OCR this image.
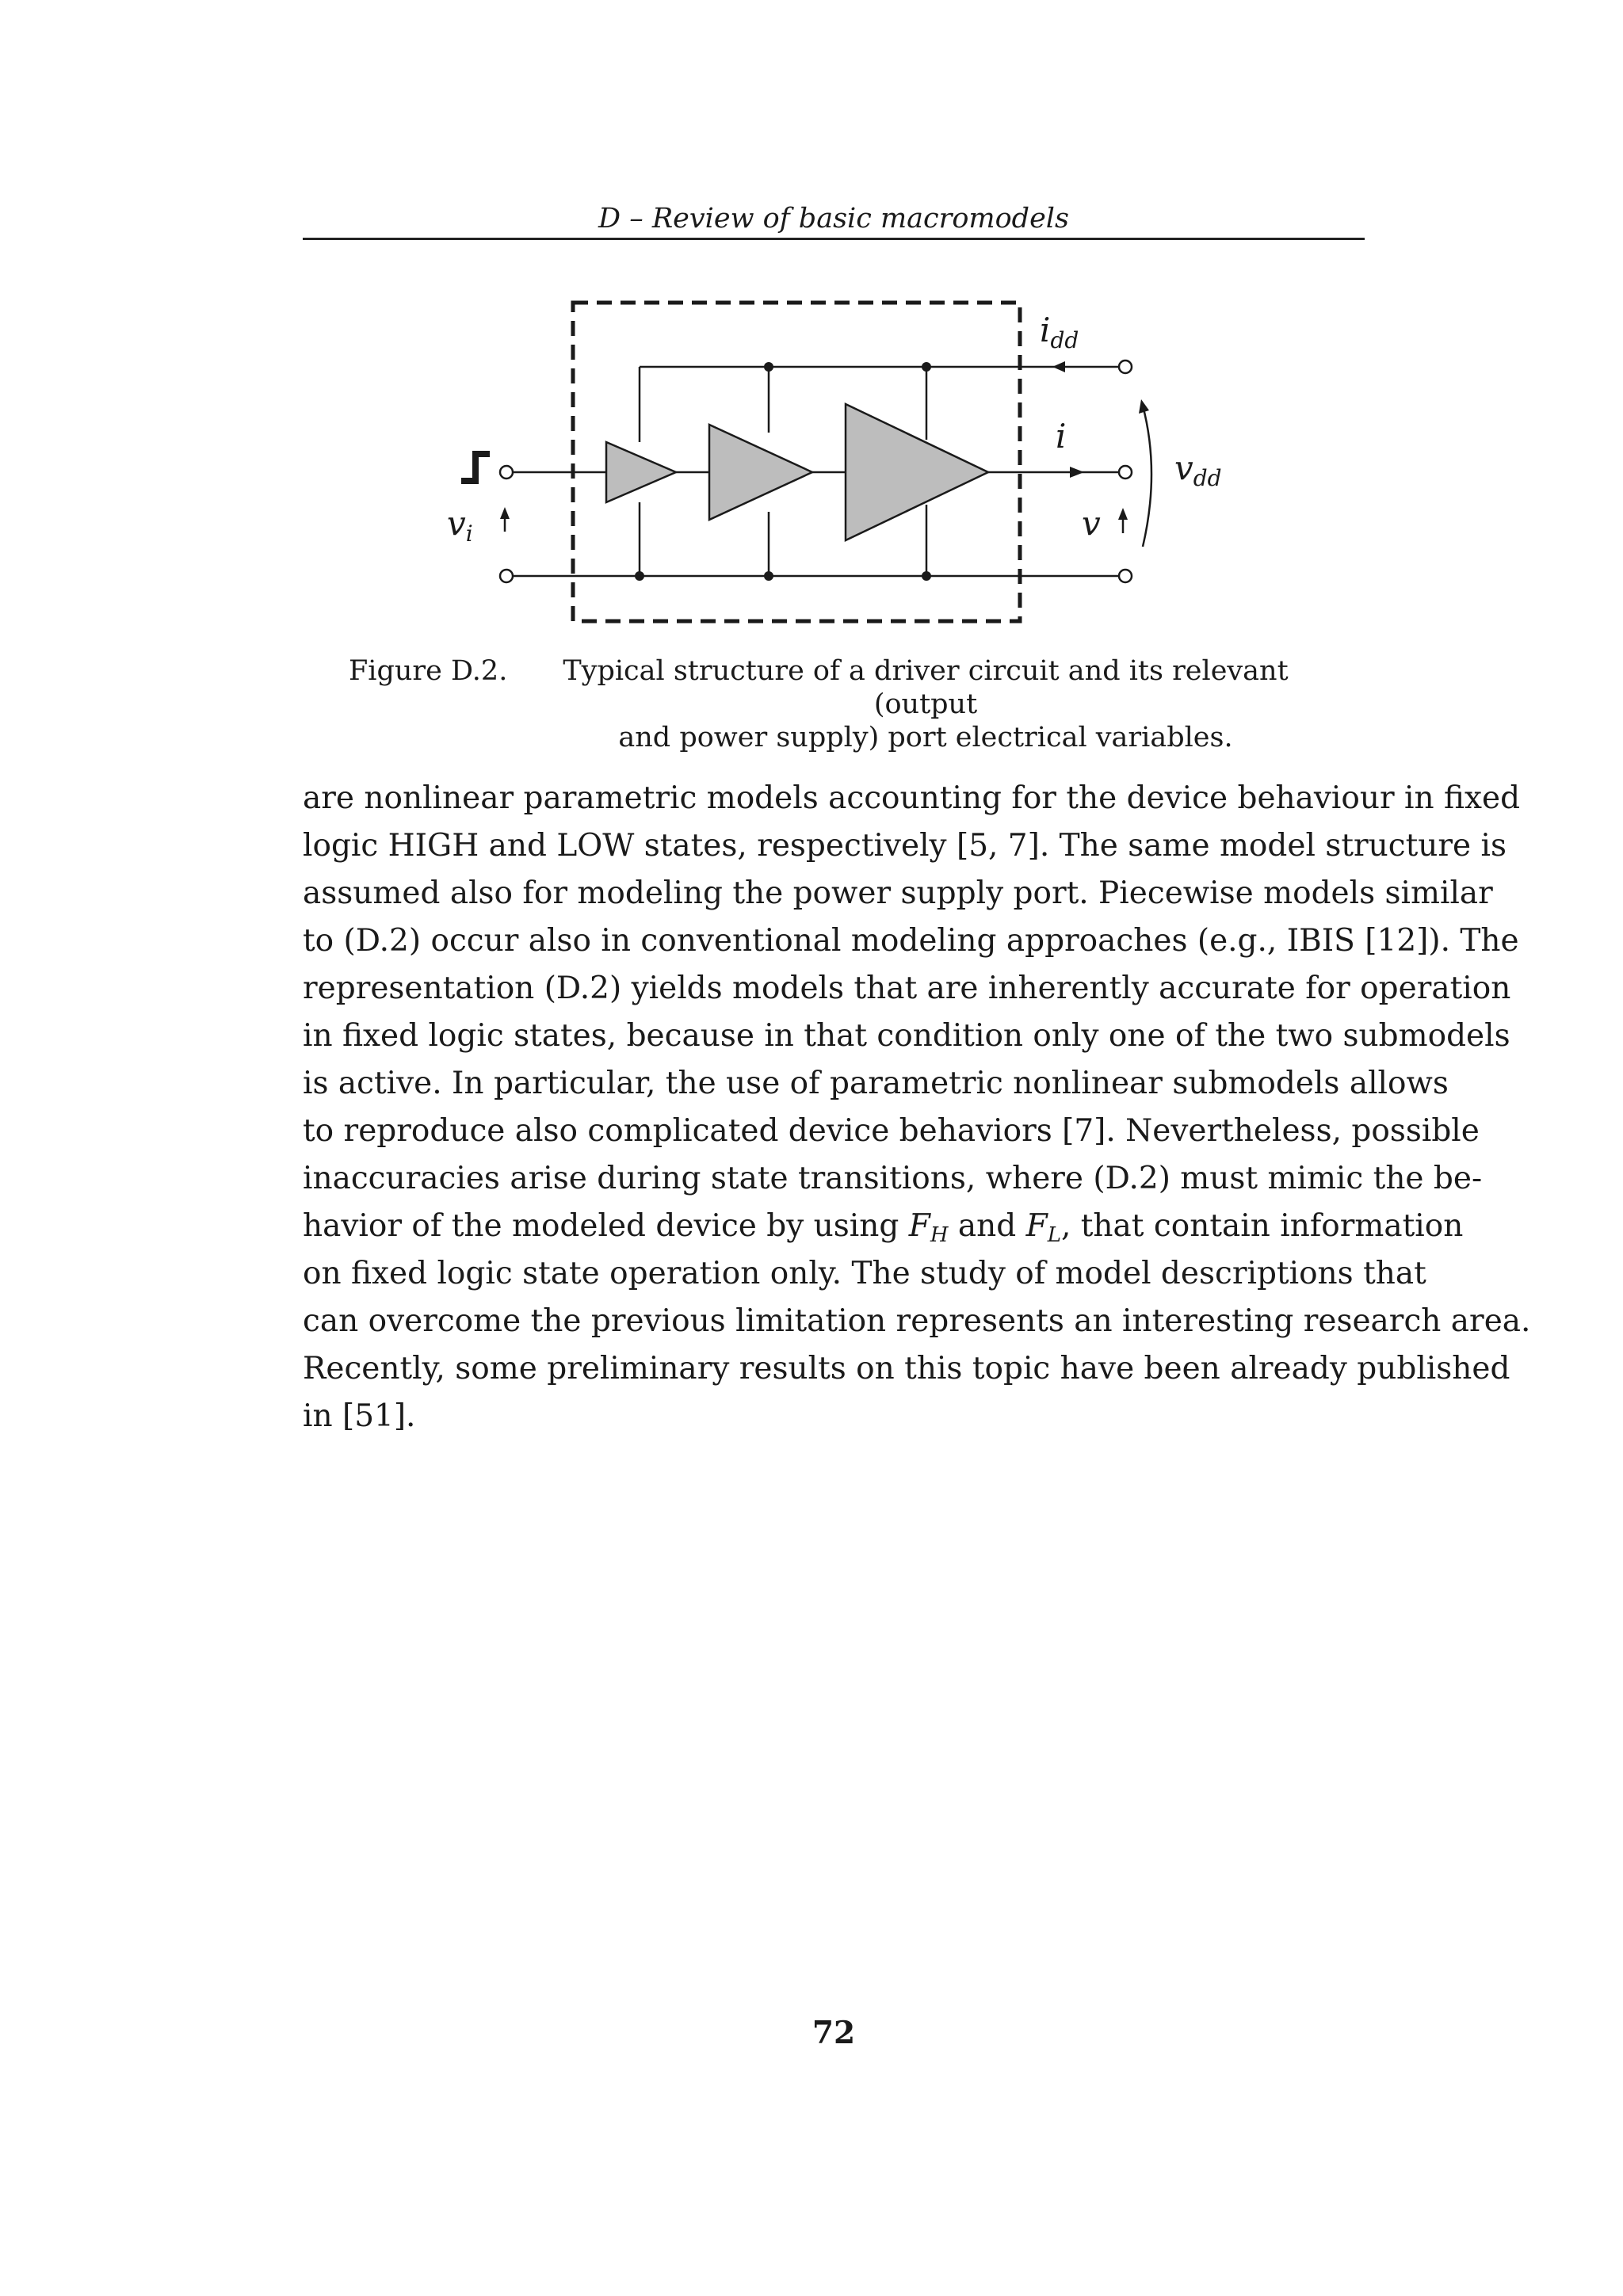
D – Review of basic macromodels
$v_i$
$i_{dd}$
i
$v_{dd}$
v
Figure D.2.	Typical structure of a driver circuit and its relevant (output
and power supply) port electrical variables.
are nonlinear parametric models accounting for the device behaviour in fixed
logic HIGH and LOW states, respectively [5, 7]. The same model structure is
assumed also for modeling the power supply port. Piecewise models similar
to (D.2) occur also in conventional modeling approaches (e.g., IBIS [12]). The
representation (D.2) yields models that are inherently accurate for operation
in fixed logic states, because in that condition only one of the two submodels
is active. In particular, the use of parametric nonlinear submodels allows
to reproduce also complicated device behaviors [7]. Nevertheless, possible
inaccuracies arise during state transitions, where (D.2) must mimic the be-
havior of the modeled device by using $F_H$ and $F_L$, that contain information
on fixed logic state operation only. The study of model descriptions that
can overcome the previous limitation represents an interesting research area.
Recently, some preliminary results on this topic have been already published
in [51].
72
